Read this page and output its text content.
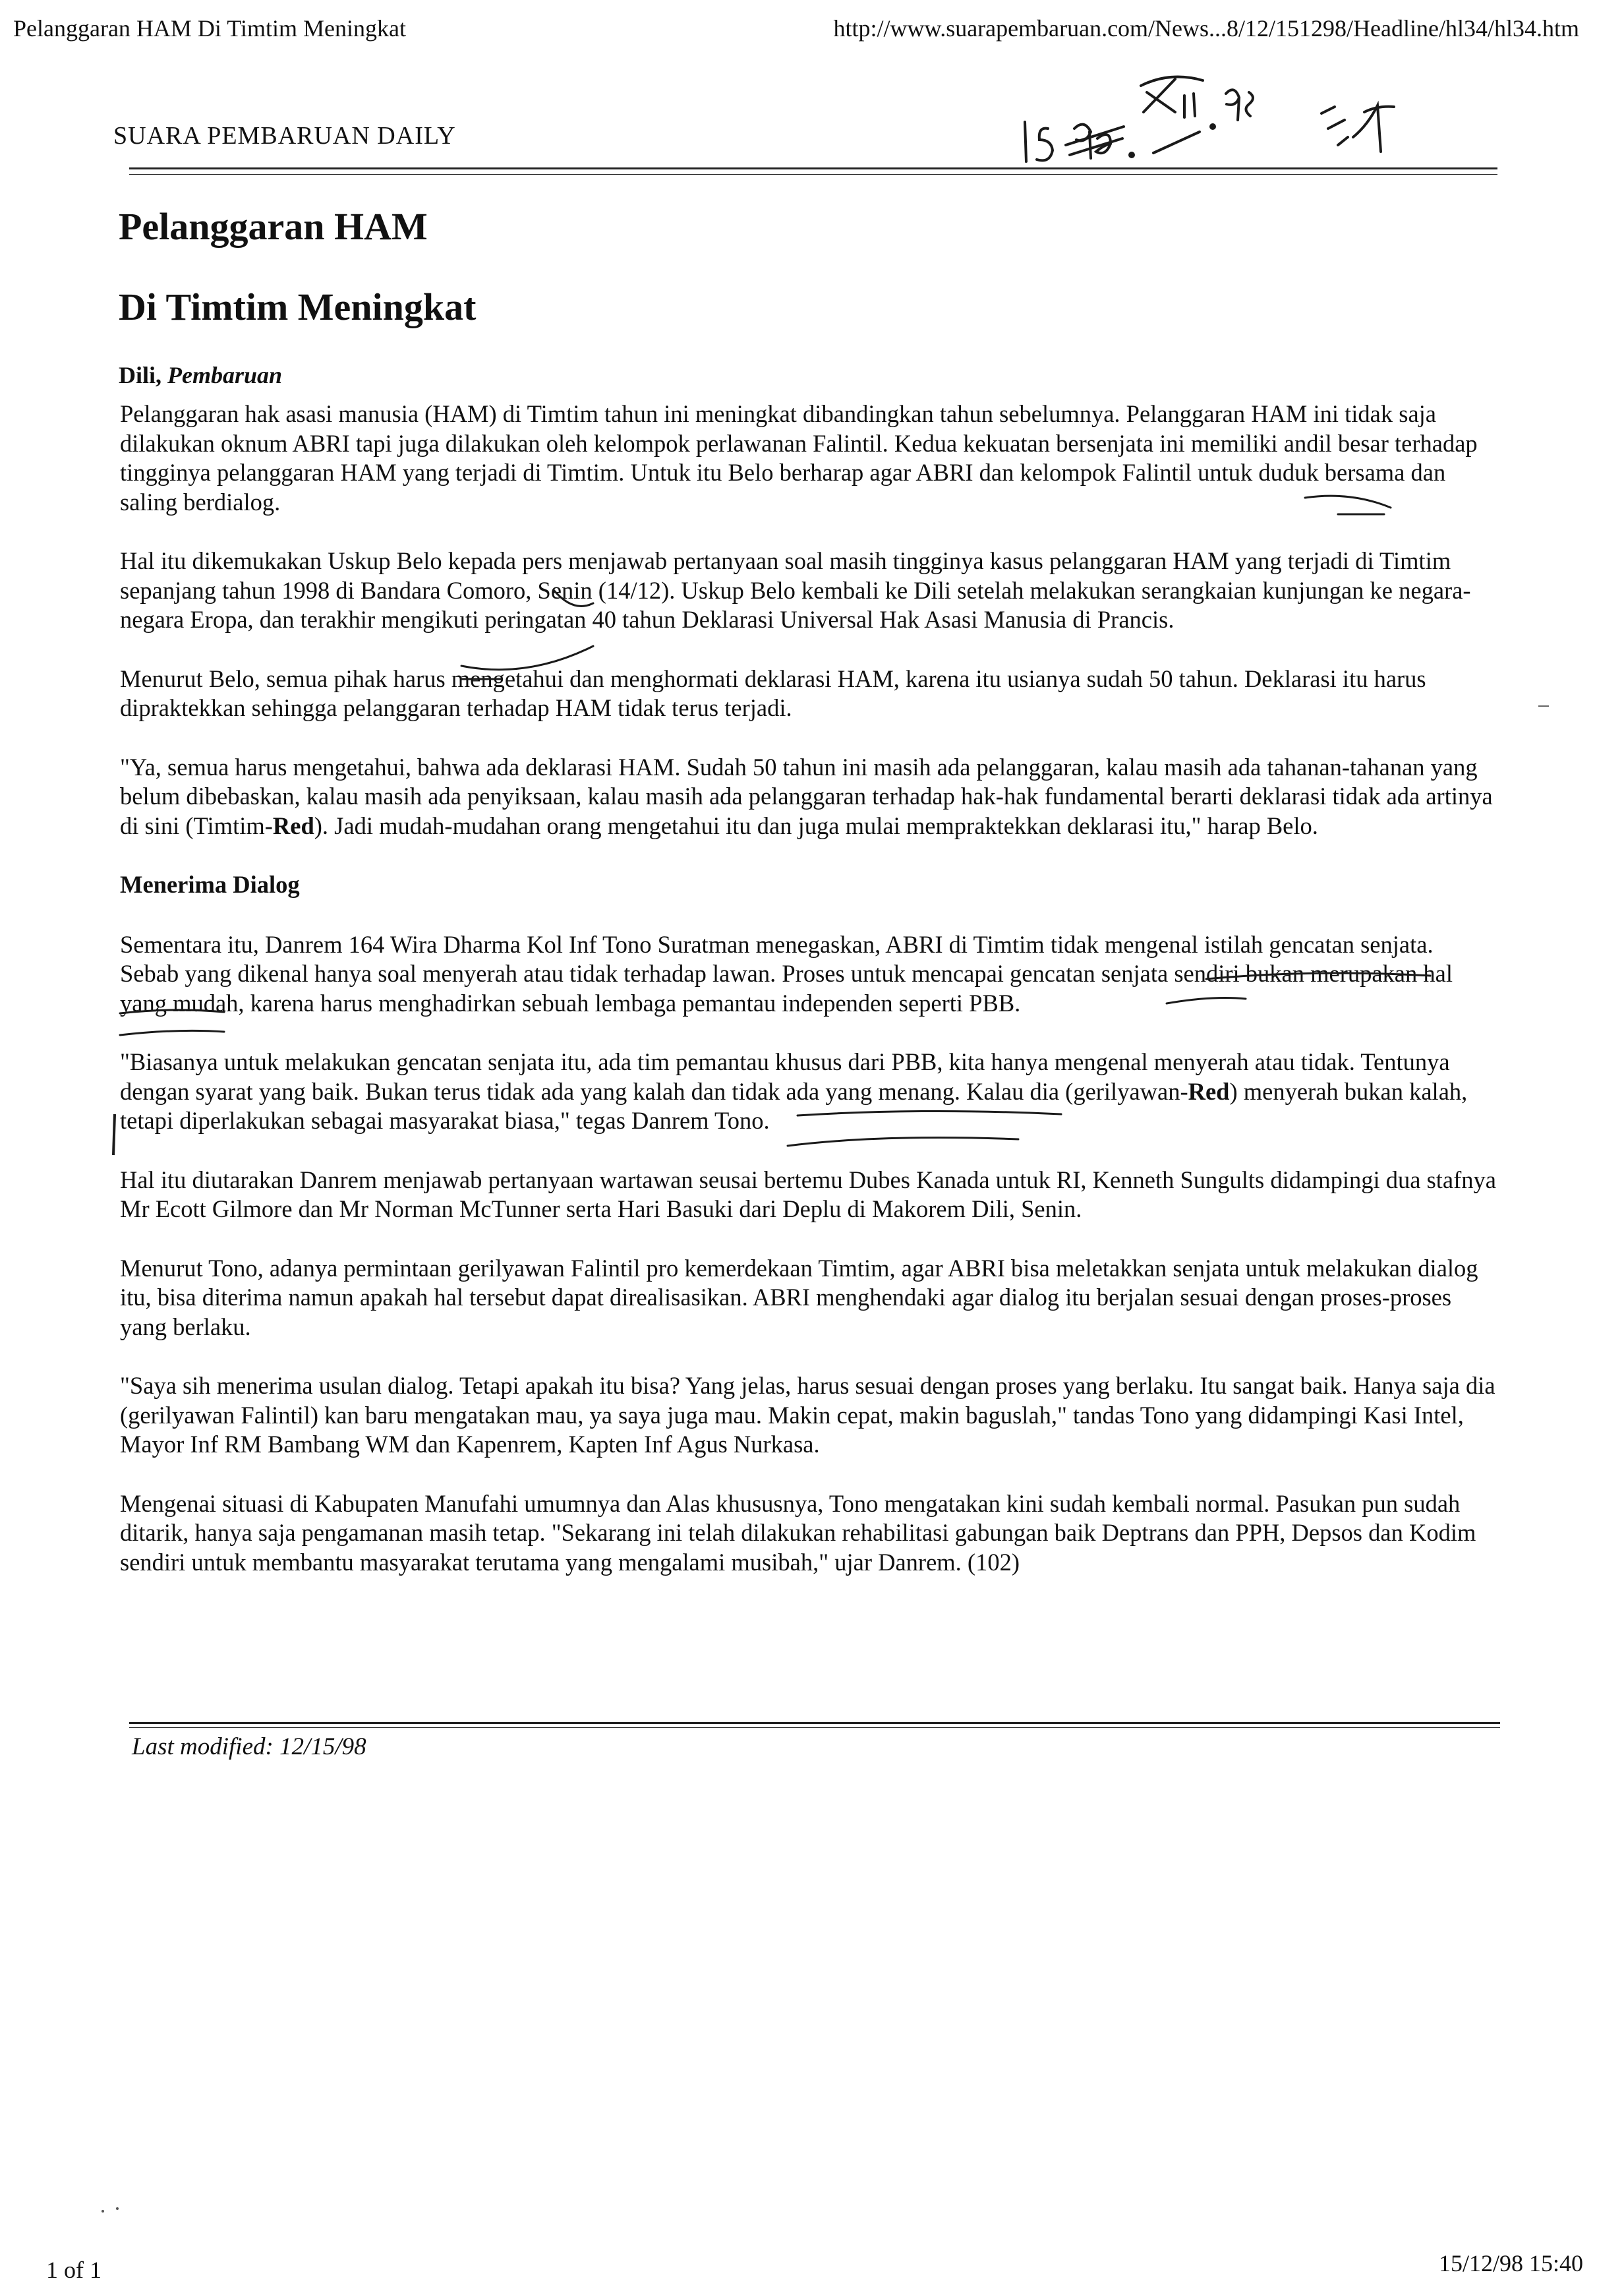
Pelanggaran HAM Di Timtim Meningkat	http://www.suarapembaruan.com/News...8/12/151298/Headline/hl34/hl34.htm
SUARA PEMBARUAN DAILY
Pelanggaran HAM
Di Timtim Meningkat
Dili, Pembaruan

Pelanggaran hak asasi manusia (HAM) di Timtim tahun ini meningkat dibandingkan tahun sebelumnya. Pelanggaran HAM ini tidak saja dilakukan oknum ABRI tapi juga dilakukan oleh kelompok perlawanan Falintil. Kedua kekuatan bersenjata ini memiliki andil besar terhadap tingginya pelanggaran HAM yang terjadi di Timtim. Untuk itu Belo berharap agar ABRI dan kelompok Falintil untuk duduk bersama dan saling berdialog.

Hal itu dikemukakan Uskup Belo kepada pers menjawab pertanyaan soal masih tingginya kasus pelanggaran HAM yang terjadi di Timtim sepanjang tahun 1998 di Bandara Comoro, Senin (14/12). Uskup Belo kembali ke Dili setelah melakukan serangkaian kunjungan ke negara-negara Eropa, dan terakhir mengikuti peringatan 40 tahun Deklarasi Universal Hak Asasi Manusia di Prancis.

Menurut Belo, semua pihak harus mengetahui dan menghormati deklarasi HAM, karena itu usianya sudah 50 tahun. Deklarasi itu harus dipraktekkan sehingga pelanggaran terhadap HAM tidak terus terjadi.

"Ya, semua harus mengetahui, bahwa ada deklarasi HAM. Sudah 50 tahun ini masih ada pelanggaran, kalau masih ada tahanan-tahanan yang belum dibebaskan, kalau masih ada penyiksaan, kalau masih ada pelanggaran terhadap hak-hak fundamental berarti deklarasi tidak ada artinya di sini (Timtim-Red). Jadi mudah-mudahan orang mengetahui itu dan juga mulai mempraktekkan deklarasi itu," harap Belo.

Menerima Dialog

Sementara itu, Danrem 164 Wira Dharma Kol Inf Tono Suratman menegaskan, ABRI di Timtim tidak mengenal istilah gencatan senjata. Sebab yang dikenal hanya soal menyerah atau tidak terhadap lawan. Proses untuk mencapai gencatan senjata sendiri bukan merupakan hal yang mudah, karena harus menghadirkan sebuah lembaga pemantau independen seperti PBB.

"Biasanya untuk melakukan gencatan senjata itu, ada tim pemantau khusus dari PBB, kita hanya mengenal menyerah atau tidak. Tentunya dengan syarat yang baik. Bukan terus tidak ada yang kalah dan tidak ada yang menang. Kalau dia (gerilyawan-Red) menyerah bukan kalah, tetapi diperlakukan sebagai masyarakat biasa," tegas Danrem Tono.

Hal itu diutarakan Danrem menjawab pertanyaan wartawan seusai bertemu Dubes Kanada untuk RI, Kenneth Sungults didampingi dua stafnya Mr Ecott Gilmore dan Mr Norman McTunner serta Hari Basuki dari Deplu di Makorem Dili, Senin.

Menurut Tono, adanya permintaan gerilyawan Falintil pro kemerdekaan Timtim, agar ABRI bisa meletakkan senjata untuk melakukan dialog itu, bisa diterima namun apakah hal tersebut dapat direalisasikan. ABRI menghendaki agar dialog itu berjalan sesuai dengan proses-proses yang berlaku.

"Saya sih menerima usulan dialog. Tetapi apakah itu bisa? Yang jelas, harus sesuai dengan proses yang berlaku. Itu sangat baik. Hanya saja dia (gerilyawan Falintil) kan baru mengatakan mau, ya saya juga mau. Makin cepat, makin baguslah," tandas Tono yang didampingi Kasi Intel, Mayor Inf RM Bambang WM dan Kapenrem, Kapten Inf Agus Nurkasa.

Mengenai situasi di Kabupaten Manufahi umumnya dan Alas khususnya, Tono mengatakan kini sudah kembali normal. Pasukan pun sudah ditarik, hanya saja pengamanan masih tetap. "Sekarang ini telah dilakukan rehabilitasi gabungan baik Deptrans dan PPH, Depsos dan Kodim sendiri untuk membantu masyarakat terutama yang mengalami musibah," ujar Danrem. (102)

Last modified: 12/15/98
1 of 1	15/12/98 15:40
